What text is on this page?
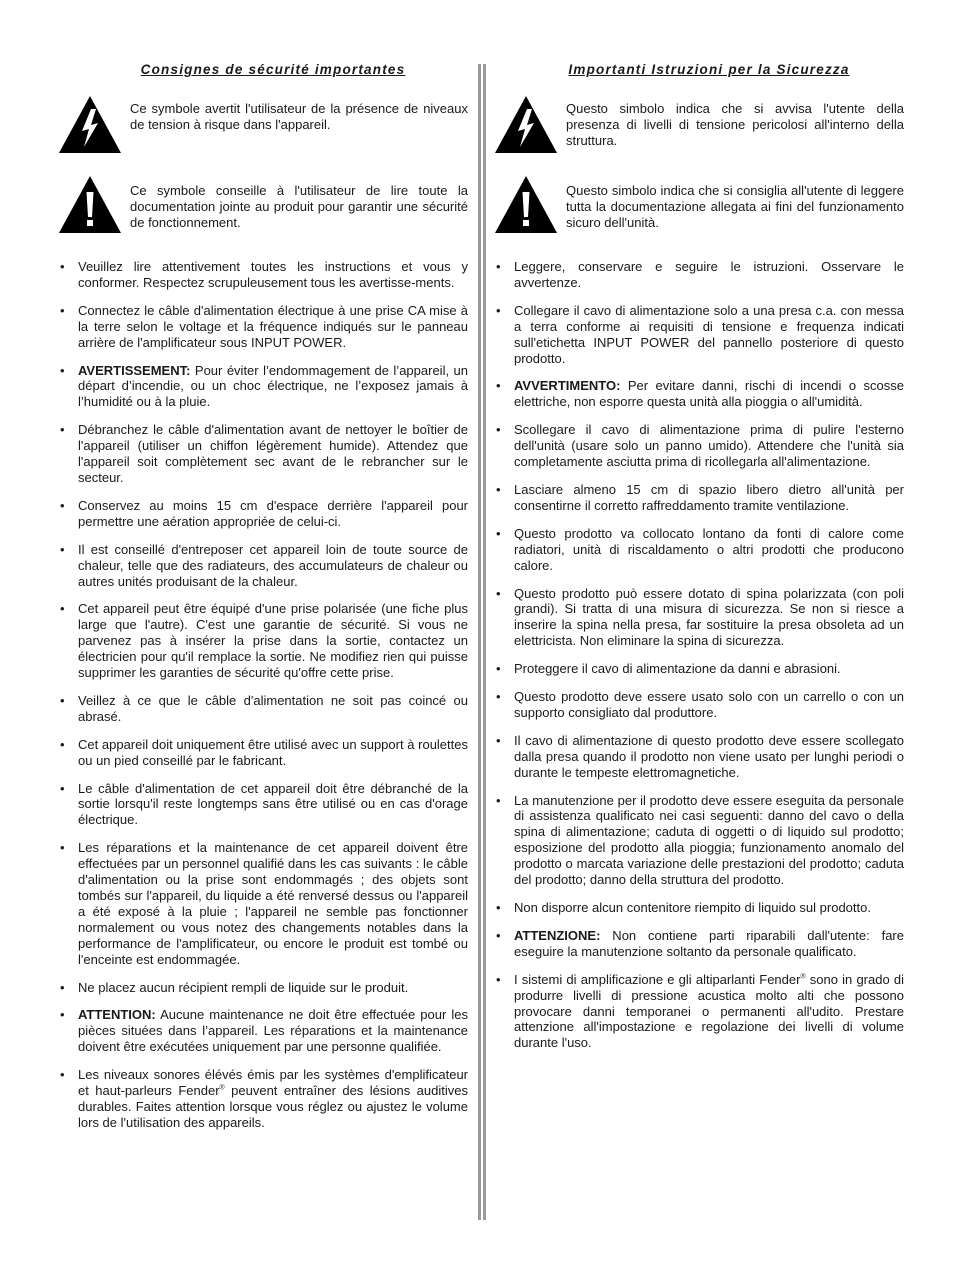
Consignes de sécurité importantes
Ce symbole avertit l'utilisateur de la présence de niveaux de tension à risque dans l'appareil.
Ce symbole conseille à l'utilisateur de lire toute la documentation jointe au produit pour garantir une sécurité de fonctionnement.
• Veuillez lire attentivement toutes les instructions et vous y conformer. Respectez scrupuleusement tous les avertisse-ments.
• Connectez le câble d'alimentation électrique à une prise CA mise à la terre selon le voltage et la fréquence indiqués sur le panneau arrière de l'amplificateur sous INPUT POWER.
• AVERTISSEMENT: Pour éviter l’endommagement de l’appareil, un départ d’incendie, ou un choc électrique, ne l’exposez jamais à l’humidité ou à la pluie.
• Débranchez le câble d'alimentation avant de nettoyer le boîtier de l'appareil (utiliser un chiffon légèrement humide). Attendez que l'appareil soit complètement sec avant de le rebrancher sur le secteur.
• Conservez au moins 15 cm d'espace derrière l'appareil pour permettre une aération appropriée de celui-ci.
• Il est conseillé d'entreposer cet appareil loin de toute source de chaleur, telle que des radiateurs, des accumulateurs de chaleur ou autres unités produisant de la chaleur.
• Cet appareil peut être équipé d'une prise polarisée (une fiche plus large que l'autre). C'est une garantie de sécurité. Si vous ne parvenez pas à insérer la prise dans la sortie, contactez un électricien pour qu'il remplace la sortie. Ne modifiez rien qui puisse supprimer les garanties de sécurité qu'offre cette prise.
• Veillez à ce que le câble d'alimentation ne soit pas coincé ou abrasé.
• Cet appareil doit uniquement être utilisé avec un support à roulettes ou un pied conseillé par le fabricant.
• Le câble d'alimentation de cet appareil doit être débranché de la sortie lorsqu'il reste longtemps sans être utilisé ou en cas d'orage électrique.
• Les réparations et la maintenance de cet appareil doivent être effectuées par un personnel qualifié dans les cas suivants : le câble d'alimentation ou la prise sont endommagés ; des objets sont tombés sur l'appareil, du liquide a été renversé dessus ou l'appareil a été exposé à la pluie ; l'appareil ne semble pas fonctionner normalement ou vous notez des changements notables dans la performance de l'amplificateur, ou encore le produit est tombé ou l'enceinte est endommagée.
• Ne placez aucun récipient rempli de liquide sur le produit.
• ATTENTION: Aucune maintenance ne doit être effectuée pour les pièces situées dans l’appareil. Les réparations et la maintenance doivent être exécutées uniquement par une personne qualifiée.
• Les niveaux sonores élévés émis par les systèmes d'emplificateur et haut-parleurs Fender® peuvent entraîner des lésions auditives durables. Faites attention lorsque vous réglez ou ajustez le volume lors de l'utilisation des appareils.
Importanti Istruzioni per la Sicurezza
Questo simbolo indica che si avvisa l'utente della presenza di livelli di tensione pericolosi all'interno della struttura.
Questo simbolo indica che si consiglia all'utente di leggere tutta la documentazione allegata ai fini del funzionamento sicuro dell'unità.
• Leggere, conservare e seguire le istruzioni. Osservare le avvertenze.
• Collegare il cavo di alimentazione solo a una presa c.a. con messa a terra conforme ai requisiti di tensione e frequenza indicati sull'etichetta INPUT POWER del pannello posteriore di questo prodotto.
• AVVERTIMENTO: Per evitare danni, rischi di incendi o scosse elettriche, non esporre questa unità alla pioggia o all'umidità.
• Scollegare il cavo di alimentazione prima di pulire l'esterno dell'unità (usare solo un panno umido). Attendere che l'unità sia completamente asciutta prima di ricollegarla all'alimentazione.
• Lasciare almeno 15 cm di spazio libero dietro all'unità per consentirne il corretto raffreddamento tramite ventilazione.
• Questo prodotto va collocato lontano da fonti di calore come radiatori, unità di riscaldamento o altri prodotti che producono calore.
• Questo prodotto può essere dotato di spina polarizzata (con poli grandi). Si tratta di una misura di sicurezza. Se non si riesce a inserire la spina nella presa, far sostituire la presa obsoleta ad un elettricista. Non eliminare la spina di sicurezza.
• Proteggere il cavo di alimentazione da danni e abrasioni.
• Questo prodotto deve essere usato solo con un carrello o con un supporto consigliato dal produttore.
• Il cavo di alimentazione di questo prodotto deve essere scollegato dalla presa quando il prodotto non viene usato per lunghi periodi o durante le tempeste elettromagnetiche.
• La manutenzione per il prodotto deve essere eseguita da personale di assistenza qualificato nei casi seguenti: danno del cavo o della spina di alimentazione; caduta di oggetti o di liquido sul prodotto; esposizione del prodotto alla pioggia; funzionamento anomalo del prodotto o marcata variazione delle prestazioni del prodotto; caduta del prodotto; danno della struttura del prodotto.
• Non disporre alcun contenitore riempito di liquido sul prodotto.
• ATTENZIONE: Non contiene parti riparabili dall'utente: fare eseguire la manutenzione soltanto da personale qualificato.
• I sistemi di amplificazione e gli altiparlanti Fender® sono in grado di produrre livelli di pressione acustica molto alti che possono provocare danni temporanei o permanenti all'udito. Prestare attenzione all'impostazione e regolazione dei livelli di volume durante l'uso.
